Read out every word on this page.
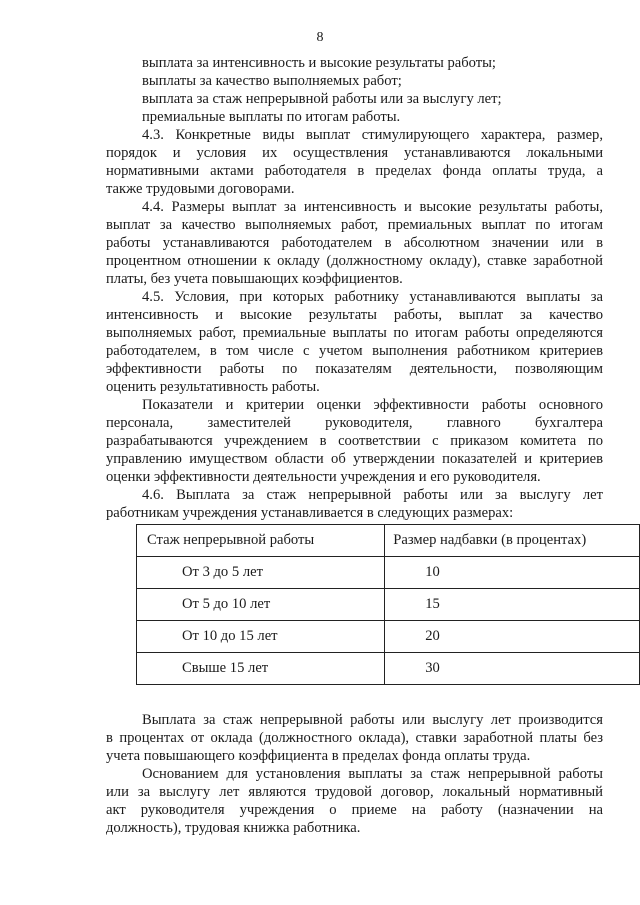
8
выплата за интенсивность и высокие результаты работы;
выплаты за качество выполняемых работ;
выплата за стаж непрерывной работы или за выслугу лет;
премиальные выплаты по итогам работы.
4.3. Конкретные виды выплат стимулирующего характера, размер,
порядок и условия их осуществления устанавливаются локальными
нормативными актами работодателя в пределах фонда оплаты труда, а
также трудовыми договорами.
4.4. Размеры выплат за интенсивность и высокие результаты работы,
выплат за качество выполняемых работ, премиальных выплат по итогам
работы устанавливаются работодателем в абсолютном значении или в
процентном отношении к окладу (должностному окладу), ставке заработной
платы, без учета повышающих коэффициентов.
4.5. Условия, при которых работнику устанавливаются выплаты за
интенсивность и высокие результаты работы, выплат за качество
выполняемых работ, премиальные выплаты по итогам работы определяются
работодателем, в том числе с учетом выполнения работником критериев
эффективности работы по показателям деятельности, позволяющим
оценить результативность работы.
Показатели и критерии оценки эффективности работы основного
персонала, заместителей руководителя, главного бухгалтера
разрабатываются учреждением в соответствии с приказом комитета по
управлению имуществом области об утверждении показателей и критериев
оценки эффективности деятельности учреждения и его руководителя.
4.6. Выплата за стаж непрерывной работы или за выслугу лет
работникам учреждения устанавливается в следующих размерах:
Стаж непрерывной работы	Размер надбавки (в процентах)
От 3 до 5 лет	10
От 5 до 10 лет	15
От 10 до 15 лет	20
Свыше 15 лет	30
Выплата за стаж непрерывной работы или выслугу лет производится
в процентах от оклада (должностного оклада), ставки заработной платы без
учета повышающего коэффициента в пределах фонда оплаты труда.
Основанием для установления выплаты за стаж непрерывной работы
или за выслугу лет являются трудовой договор, локальный нормативный
акт руководителя учреждения о приеме на работу (назначении на
должность), трудовая книжка работника.
